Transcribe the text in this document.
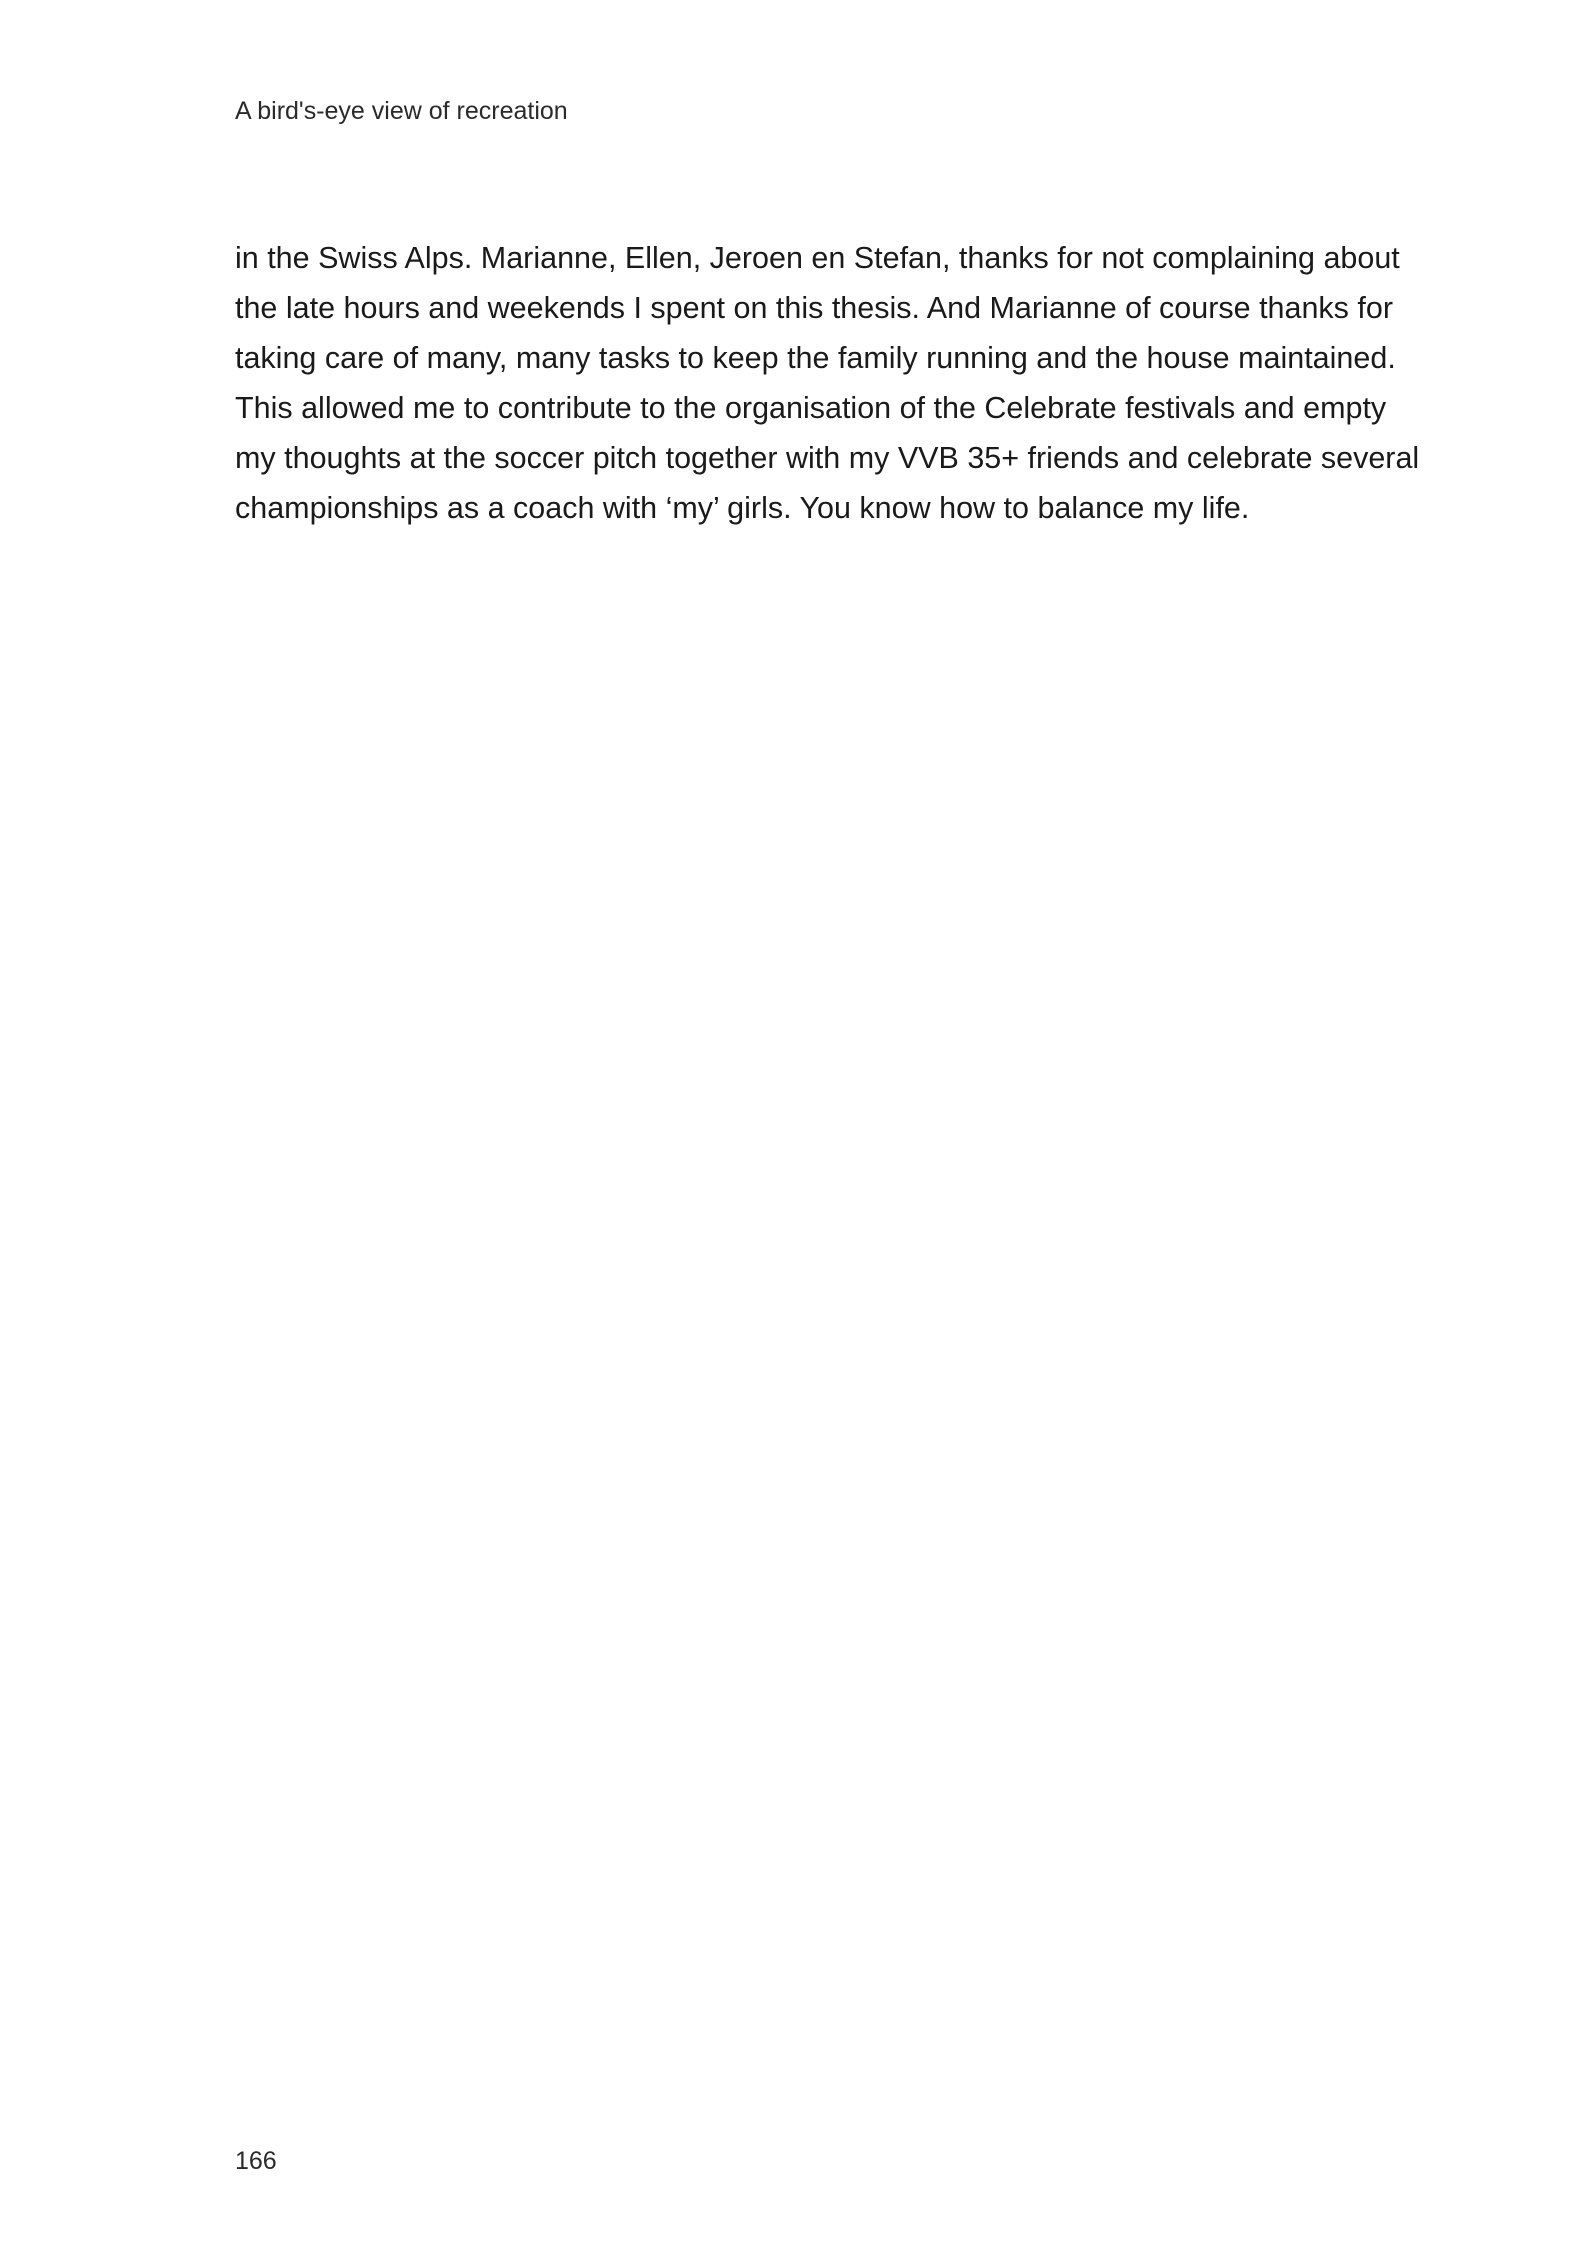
A bird's-eye view of recreation

in the Swiss Alps. Marianne, Ellen, Jeroen en Stefan, thanks for not complaining about
the late hours and weekends I spent on this thesis. And Marianne of course thanks for
taking care of many, many tasks to keep the family running and the house maintained.
This allowed me to contribute to the organisation of the Celebrate festivals and empty
my thoughts at the soccer pitch together with my VVB 35+ friends and celebrate several
championships as a coach with ‘my’ girls. You know how to balance my life.

166
